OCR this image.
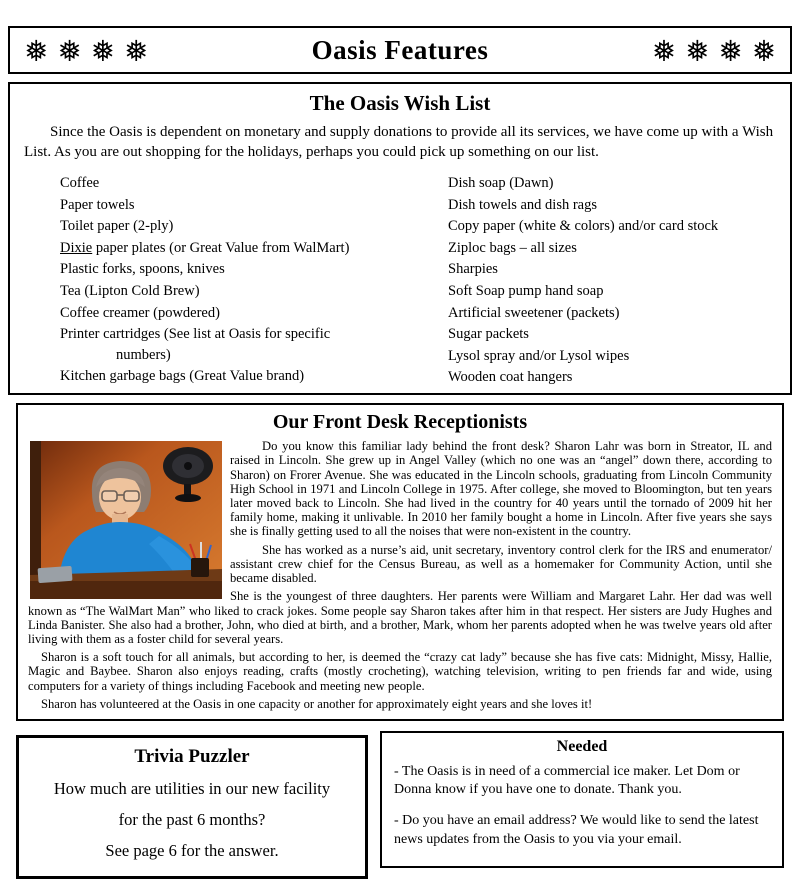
❅ ❅ ❅ ❅	Oasis Features	❅ ❅ ❅ ❅
The Oasis Wish List

Since the Oasis is dependent on monetary and supply donations to provide all its services, we have come up with a Wish List. As you are out shopping for the holidays, perhaps you could pick up something on our list.

Coffee
Paper towels
Toilet paper (2-ply)
Dixie paper plates (or Great Value from WalMart)
Plastic forks, spoons, knives
Tea (Lipton Cold Brew)
Coffee creamer (powdered)
Printer cartridges (See list at Oasis for specific
numbers)
Kitchen garbage bags (Great Value brand)
Dish soap (Dawn)
Dish towels and dish rags
Copy paper (white & colors) and/or card stock
Ziploc bags – all sizes
Sharpies
Soft Soap pump hand soap
Artificial sweetener (packets)
Sugar packets
Lysol spray and/or Lysol wipes
Wooden coat hangers
Our Front Desk Receptionists

Do you know this familiar lady behind the front desk? Sharon Lahr was born in Streator, IL and raised in Lincoln. She grew up in Angel Valley (which no one was an “angel” down there, according to Sharon) on Frorer Avenue. She was educated in the Lincoln schools, graduating from Lincoln Community High School in 1971 and Lincoln College in 1975. After college, she moved to Bloomington, but ten years later moved back to Lincoln. She had lived in the country for 40 years until the tornado of 2009 hit her family home, making it unlivable. In 2010 her family bought a home in Lincoln. After five years she says she is finally getting used to all the noises that were non-existent in the country.

She has worked as a nurse’s aid, unit secretary, inventory control clerk for the IRS and enumerator/ assistant crew chief for the Census Bureau, as well as a homemaker for Community Action, until she became disabled.

She is the youngest of three daughters. Her parents were William and Margaret Lahr. Her dad was well known as “The WalMart Man” who liked to crack jokes. Some people say Sharon takes after him in that respect. Her sisters are Judy Hughes and Linda Banister. She also had a brother, John, who died at birth, and a brother, Mark, whom her parents adopted when he was twelve years old after living with them as a foster child for several years.

Sharon is a soft touch for all animals, but according to her, is deemed the “crazy cat lady” because she has five cats: Midnight, Missy, Hallie, Magic and Baybee. Sharon also enjoys reading, crafts (mostly crocheting), watching television, writing to pen friends far and wide, using computers for a variety of things including Facebook and meeting new people.

Sharon has volunteered at the Oasis in one capacity or another for approximately eight years and she loves it!

Trivia Puzzler

How much are utilities in our new facility

for the past 6 months?

See page 6 for the answer.

Needed

- The Oasis is in need of a commercial ice maker. Let Dom or Donna know if you have one to donate. Thank you.

- Do you have an email address? We would like to send the latest news updates from the Oasis to you via your email.
